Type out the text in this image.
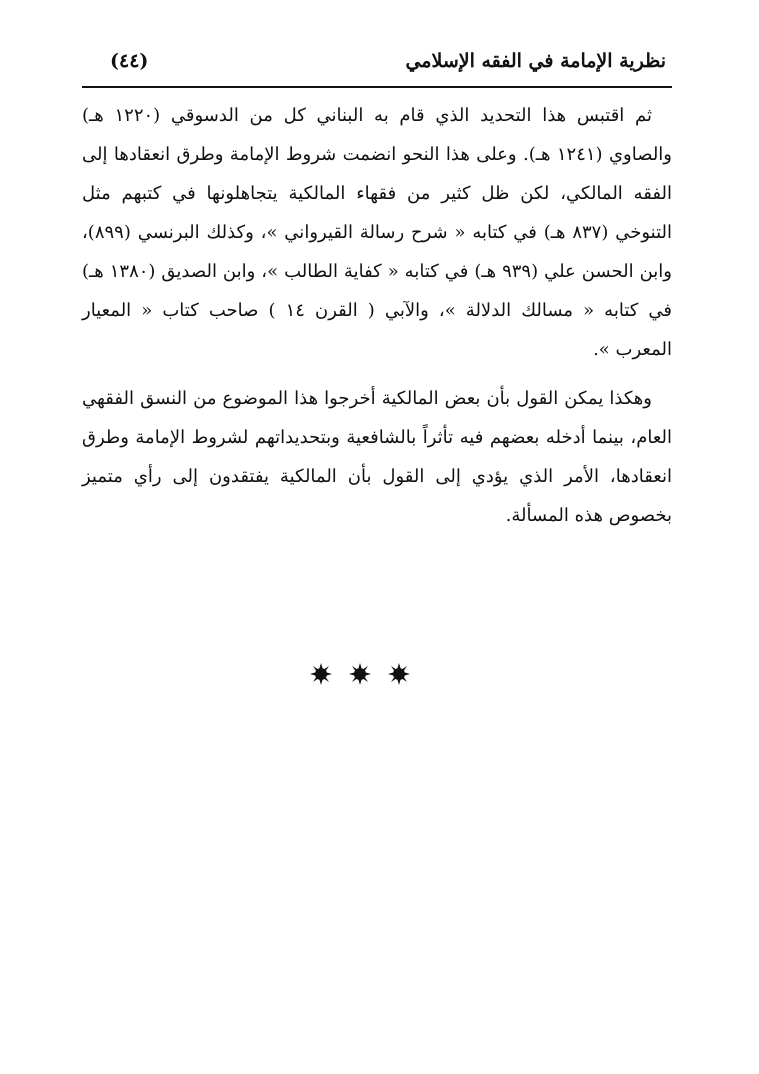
نظرية الإمامة في الفقه الإسلامي
(٤٤)

ثم اقتبس هذا التحديد الذي قام به البناني كل من الدسوقي (١٢٢٠ هـ) والصاوي (١٢٤١ هـ). وعلى هذا النحو انضمت شروط الإمامة وطرق انعقادها إلى الفقه المالكي، لكن ظل كثير من فقهاء المالكية يتجاهلونها في كتبهم مثل التنوخي (٨٣٧ هـ) في كتابه « شرح رسالة القيرواني »، وكذلك البرنسي (٨٩٩)، وابن الحسن علي (٩٣٩ هـ) في كتابه « كفاية الطالب »، وابن الصديق (١٣٨٠ هـ) في كتابه « مسالك الدلالة »، والآبي ( القرن ١٤ ) صاحب كتاب « المعيار المعرب ».

وهكذا يمكن القول بأن بعض المالكية أخرجوا هذا الموضوع من النسق الفقهي العام، بينما أدخله بعضهم فيه تأثراً بالشافعية وبتحديداتهم لشروط الإمامة وطرق انعقادها، الأمر الذي يؤدي إلى القول بأن المالكية يفتقدون إلى رأي متميز بخصوص هذه المسألة.
